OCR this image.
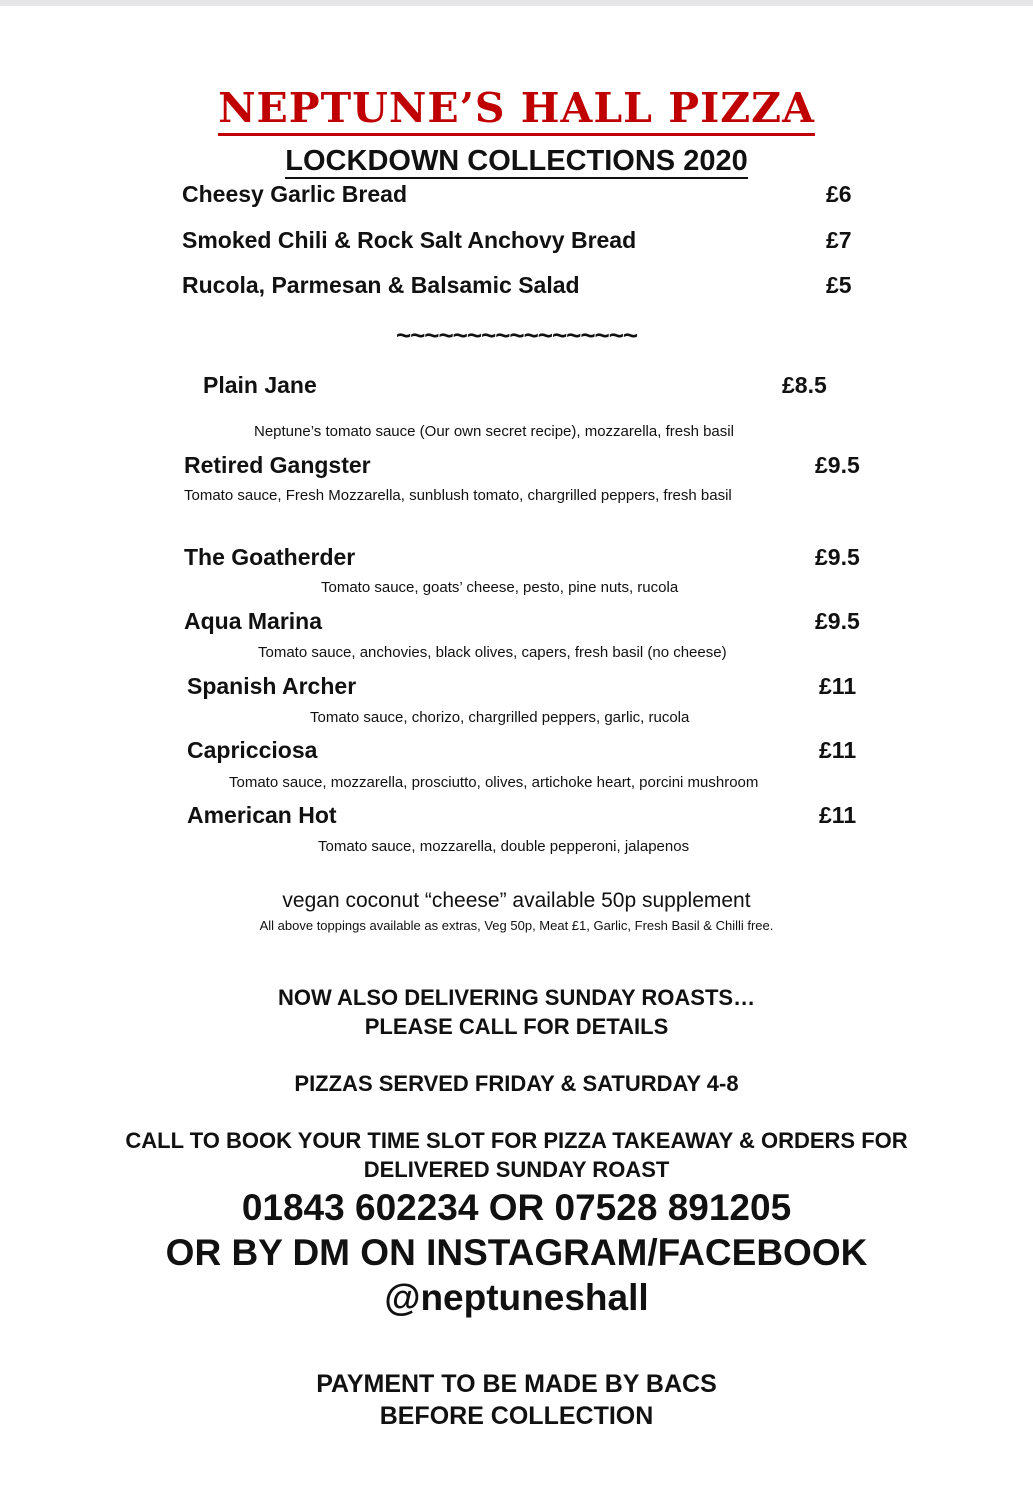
NEPTUNE’S HALL PIZZA
LOCKDOWN COLLECTIONS 2020
Cheesy Garlic Bread	£6
Smoked Chili & Rock Salt Anchovy Bread	£7
Rucola, Parmesan & Balsamic Salad	£5
~~~~~~~~~~~~~~~~~
Plain Jane	£8.5
Neptune’s tomato sauce (Our own secret recipe), mozzarella, fresh basil
Retired Gangster	£9.5
Tomato sauce, Fresh Mozzarella, sunblush tomato, chargrilled peppers, fresh basil
The Goatherder	£9.5
Tomato sauce, goats’ cheese, pesto, pine nuts, rucola
Aqua Marina	£9.5
Tomato sauce, anchovies, black olives, capers, fresh basil (no cheese)
Spanish Archer	£11
Tomato sauce, chorizo, chargrilled peppers, garlic, rucola
Capricciosa	£11
Tomato sauce, mozzarella, prosciutto, olives, artichoke heart, porcini mushroom
American Hot	£11
Tomato sauce, mozzarella, double pepperoni, jalapenos
vegan coconut “cheese” available 50p supplement
All above toppings available as extras, Veg 50p, Meat £1, Garlic, Fresh Basil & Chilli free.
NOW ALSO DELIVERING SUNDAY ROASTS…
PLEASE CALL FOR DETAILS
PIZZAS SERVED FRIDAY & SATURDAY 4-8
CALL TO BOOK YOUR TIME SLOT FOR PIZZA TAKEAWAY & ORDERS FOR
DELIVERED SUNDAY ROAST
01843 602234 OR 07528 891205
OR BY DM ON INSTAGRAM/FACEBOOK
@neptuneshall
PAYMENT TO BE MADE BY BACS
BEFORE COLLECTION
